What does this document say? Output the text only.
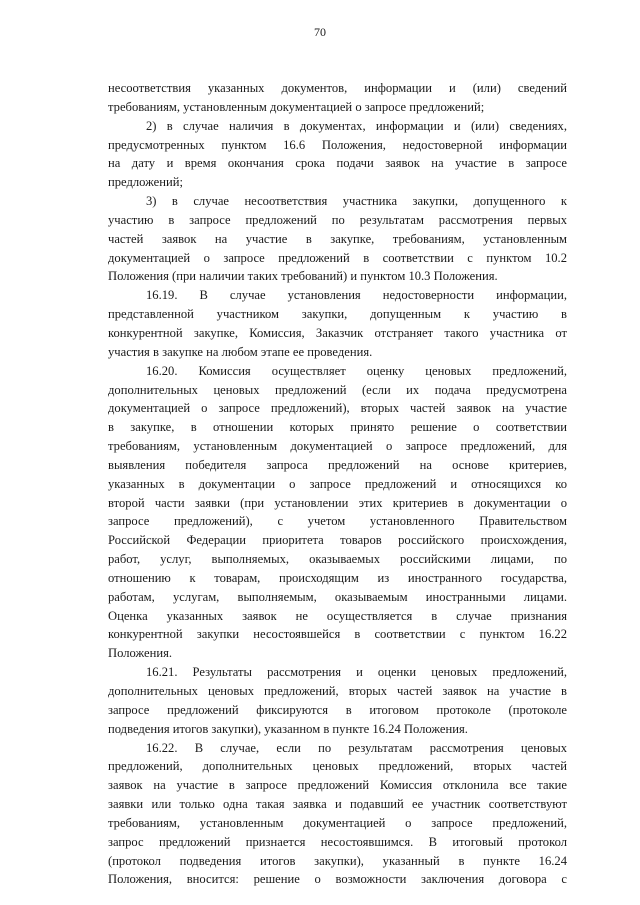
70
несоответствия указанных документов, информации и (или) сведений
требованиям, установленным документацией о запросе предложений;
2) в случае наличия в документах, информации и (или) сведениях,
предусмотренных пунктом 16.6 Положения, недостоверной информации
на дату и время окончания срока подачи заявок на участие в запросе
предложений;
3) в случае несоответствия участника закупки, допущенного к
участию в запросе предложений по результатам рассмотрения первых
частей заявок на участие в закупке, требованиям, установленным
документацией о запросе предложений в соответствии с пунктом 10.2
Положения (при наличии таких требований) и пунктом 10.3 Положения.
16.19. В случае установления недостоверности информации,
представленной участником закупки, допущенным к участию в
конкурентной закупке, Комиссия, Заказчик отстраняет такого участника от
участия в закупке на любом этапе ее проведения.
16.20. Комиссия осуществляет оценку ценовых предложений,
дополнительных ценовых предложений (если их подача предусмотрена
документацией о запросе предложений), вторых частей заявок на участие
в закупке, в отношении которых принято решение о соответствии
требованиям, установленным документацией о запросе предложений, для
выявления победителя запроса предложений на основе критериев,
указанных в документации о запросе предложений и относящихся ко
второй части заявки (при установлении этих критериев в документации о
запросе предложений), с учетом установленного Правительством
Российской Федерации приоритета товаров российского происхождения,
работ, услуг, выполняемых, оказываемых российскими лицами, по
отношению к товарам, происходящим из иностранного государства,
работам, услугам, выполняемым, оказываемым иностранными лицами.
Оценка указанных заявок не осуществляется в случае признания
конкурентной закупки несостоявшейся в соответствии с пунктом 16.22
Положения.
16.21. Результаты рассмотрения и оценки ценовых предложений,
дополнительных ценовых предложений, вторых частей заявок на участие в
запросе предложений фиксируются в итоговом протоколе (протоколе
подведения итогов закупки), указанном в пункте 16.24 Положения.
16.22. В случае, если по результатам рассмотрения ценовых
предложений, дополнительных ценовых предложений, вторых частей
заявок на участие в запросе предложений Комиссия отклонила все такие
заявки или только одна такая заявка и подавший ее участник соответствуют
требованиям, установленным документацией о запросе предложений,
запрос предложений признается несостоявшимся. В итоговый протокол
(протокол подведения итогов закупки), указанный в пункте 16.24
Положения, вносится: решение о возможности заключения договора с
